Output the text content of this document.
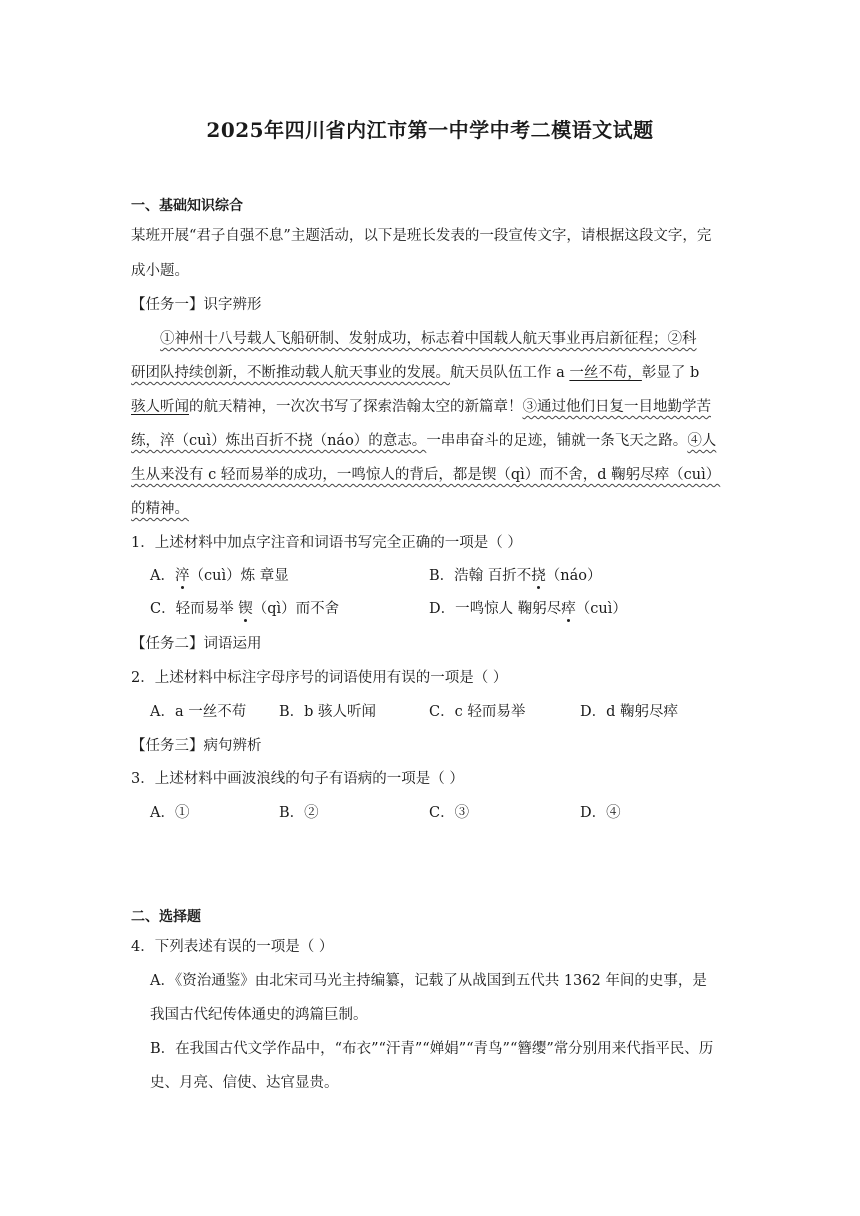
2025年四川省内江市第一中学中考二模语文试题
一、基础知识综合
某班开展“君子自强不息”主题活动，以下是班长发表的一段宣传文字，请根据这段文字，完
成小题。
【任务一】识字辨形
①神州十八号载人飞船研制、发射成功，标志着中国载人航天事业再启新征程；②科
研团队持续创新，不断推动载人航天事业的发展。航天员队伍工作 a 一丝不苟，彰显了 b
骇人听闻的航天精神，一次次书写了探索浩翰太空的新篇章！③通过他们日复一目地勤学苦
练，淬（cuì）炼出百折不挠（náo）的意志。一串串奋斗的足迹，铺就一条飞天之路。④人
生从来没有 c 轻而易举的成功，一鸣惊人的背后，都是锲（qì）而不舍，d 鞠躬尽瘁（cuì）
的精神。
1．上述材料中加点字注音和词语书写完全正确的一项是（ ）
A．淬（cuì）炼 章显	B．浩翰 百折不挠（náo）
C．轻而易举 锲（qì）而不舍	D．一鸣惊人 鞠躬尽瘁（cuì）
【任务二】词语运用
2．上述材料中标注字母序号的词语使用有误的一项是（ ）
A．a 一丝不苟 B．b 骇人听闻	C．c 轻而易举	D．d 鞠躬尽瘁
【任务三】病句辨析
3．上述材料中画波浪线的句子有语病的一项是（ ）
A．①	B．②	C．③	D．④
二、选择题
4．下列表述有误的一项是（ ）
A．《资治通鉴》由北宋司马光主持编纂，记载了从战国到五代共 1362 年间的史事，是
我国古代纪传体通史的鸿篇巨制。
B．在我国古代文学作品中，“布衣”“汗青”“婵娟”“青鸟”“簪缨”常分别用来代指平民、历
史、月亮、信使、达官显贵。
